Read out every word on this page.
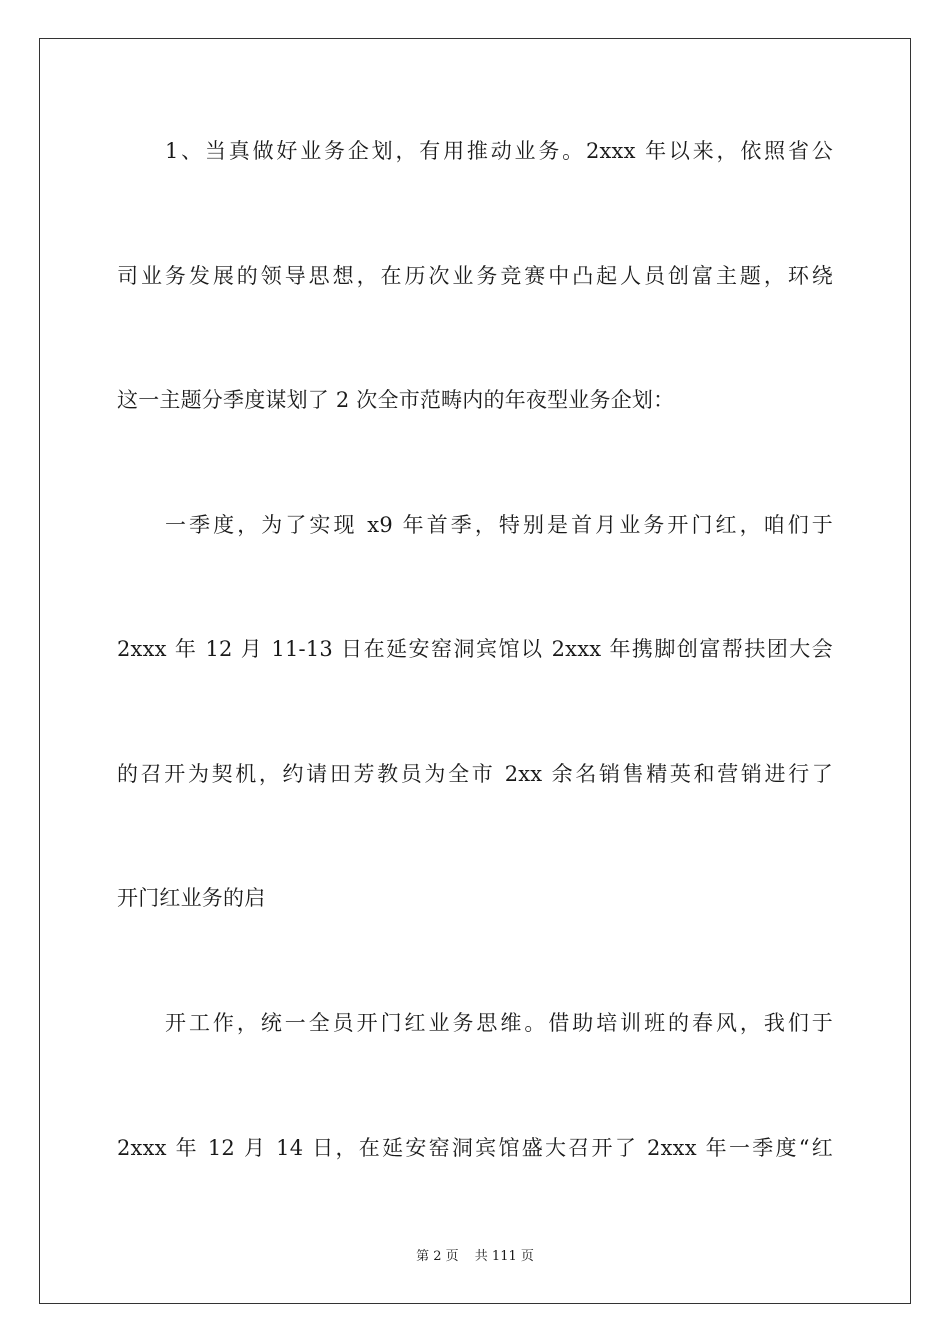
1、当真做好业务企划，有用推动业务。2xxx 年以来，依照省公
司业务发展的领导思想，在历次业务竞赛中凸起人员创富主题，环绕
这一主题分季度谋划了 2 次全市范畴内的年夜型业务企划：
一季度，为了实现 x9 年首季，特别是首月业务开门红，咱们于
2xxx 年 12 月 11-13 日在延安窑洞宾馆以 2xxx 年携脚创富帮扶团大会
的召开为契机，约请田芳教员为全市 2xx 余名销售精英和营销进行了
开门红业务的启
开工作，统一全员开门红业务思维。借助培训班的春风，我们于
2xxx 年 12 月 14 日，在延安窑洞宾馆盛大召开了 2xxx 年一季度“红
第 2 页 共 111 页
